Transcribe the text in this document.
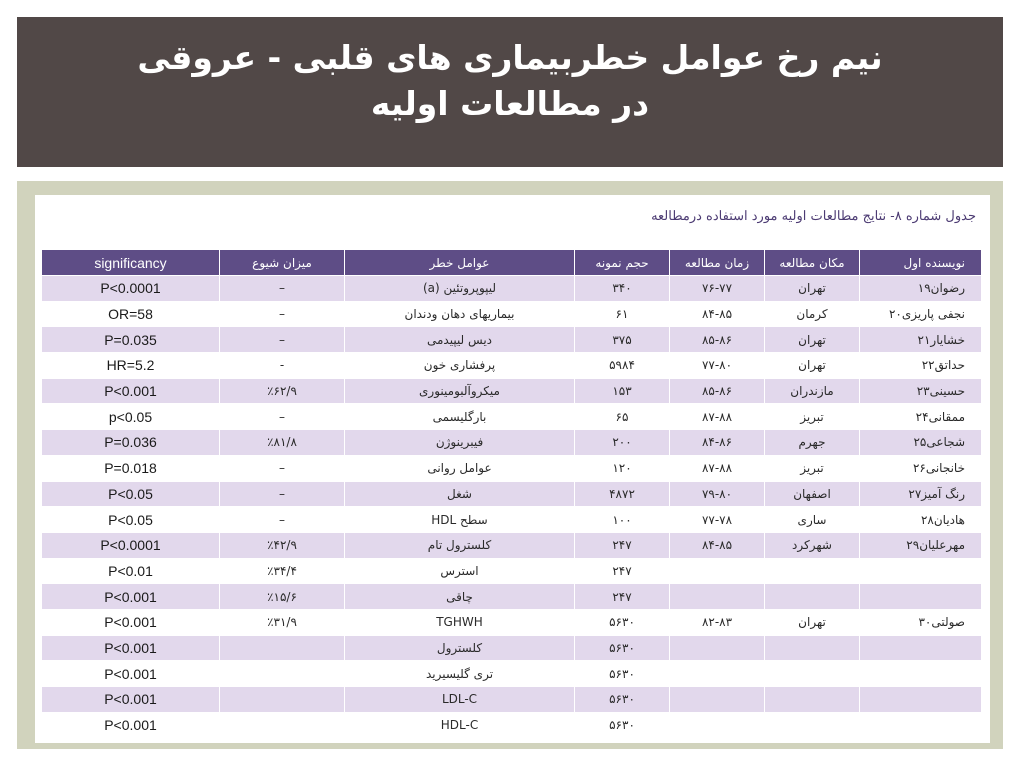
نیم رخ عوامل خطربیماری های قلبی - عروقی
در مطالعات اولیه
جدول شماره ۸- نتایج مطالعات اولیه مورد استفاده درمطالعه
significancy	میزان شیوع	عوامل خطر	حجم نمونه	زمان مطالعه	مکان مطالعه	نویسنده اول
P<0.0001	–	لیپوپروتئین (a)	۳۴۰	۷۶-۷۷	تهران	رضوان۱۹
OR=58	–	بیماریهای دهان ودندان	۶۱	۸۴-۸۵	کرمان	نجفی پاریزی۲۰
P=0.035	–	دیس لیپیدمی	۳۷۵	۸۵-۸۶	تهران	خشایار۲۱
HR=5.2	-	پرفشاری خون	۵۹۸۴	۷۷-۸۰	تهران	حداتق۲۲
P<0.001	٪۶۲/۹	میکروآلبومینوری	۱۵۳	۸۵-۸۶	مازندران	حسینی۲۳
p<0.05	–	بارگلیسمی	۶۵	۸۷-۸۸	تبریز	ممقانی۲۴
P=0.036	٪۸۱/۸	فیبرینوژن	۲۰۰	۸۴-۸۶	جهرم	شجاعی۲۵
P=0.018	–	عوامل روانی	۱۲۰	۸۷-۸۸	تبریز	خانجانی۲۶
P<0.05	–	شغل	۴۸۷۲	۷۹-۸۰	اصفهان	رنگ آمیز۲۷
P<0.05	–	سطح HDL	۱۰۰	۷۷-۷۸	ساری	هادیان۲۸
P<0.0001	٪۴۲/۹	کلسترول تام	۲۴۷	۸۴-۸۵	شهرکرد	مهرعلیان۲۹
P<0.01	٪۳۴/۴	استرس	۲۴۷			
P<0.001	٪۱۵/۶	چاقی	۲۴۷			
P<0.001	٪۳۱/۹	TGHWH	۵۶۳۰	۸۲-۸۳	تهران	صولتی۳۰
P<0.001		کلسترول	۵۶۳۰			
P<0.001		تری گلیسیرید	۵۶۳۰			
P<0.001		LDL-C	۵۶۳۰			
P<0.001		HDL-C	۵۶۳۰			
